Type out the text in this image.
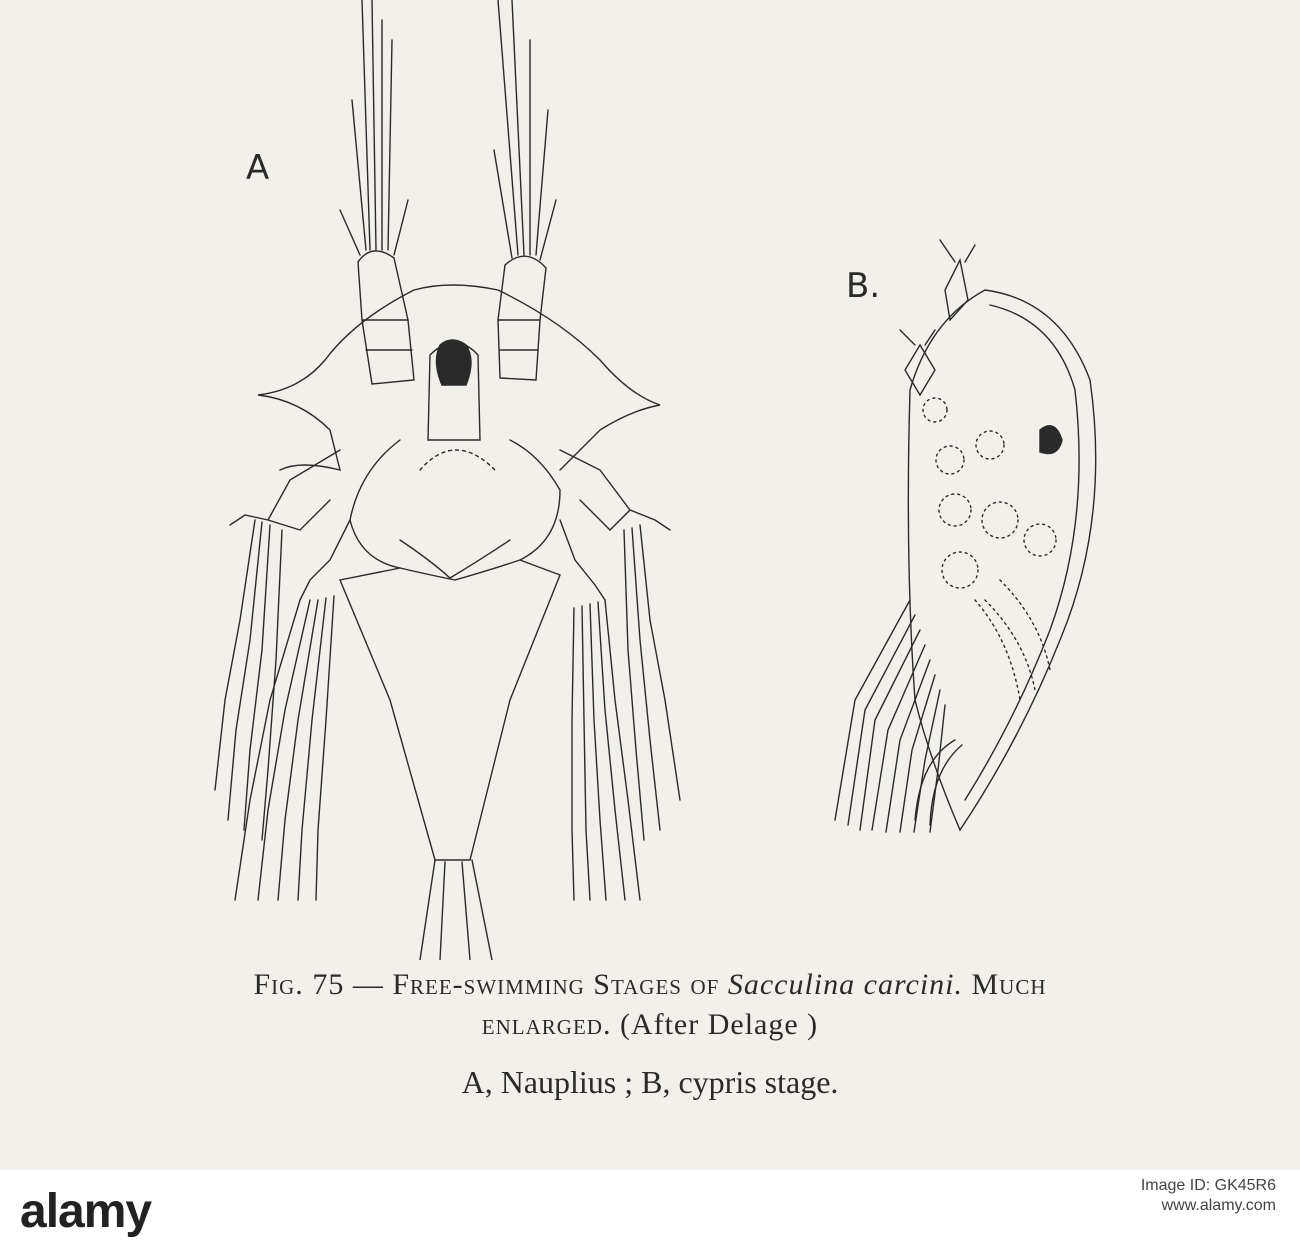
A
B.
Fig. 75 — Free-swimming Stages of Sacculina carcini. Much
enlarged. (After Delage )
A, Nauplius ; B, cypris stage.
alamy	Image ID: GK45R6
www.alamy.com
